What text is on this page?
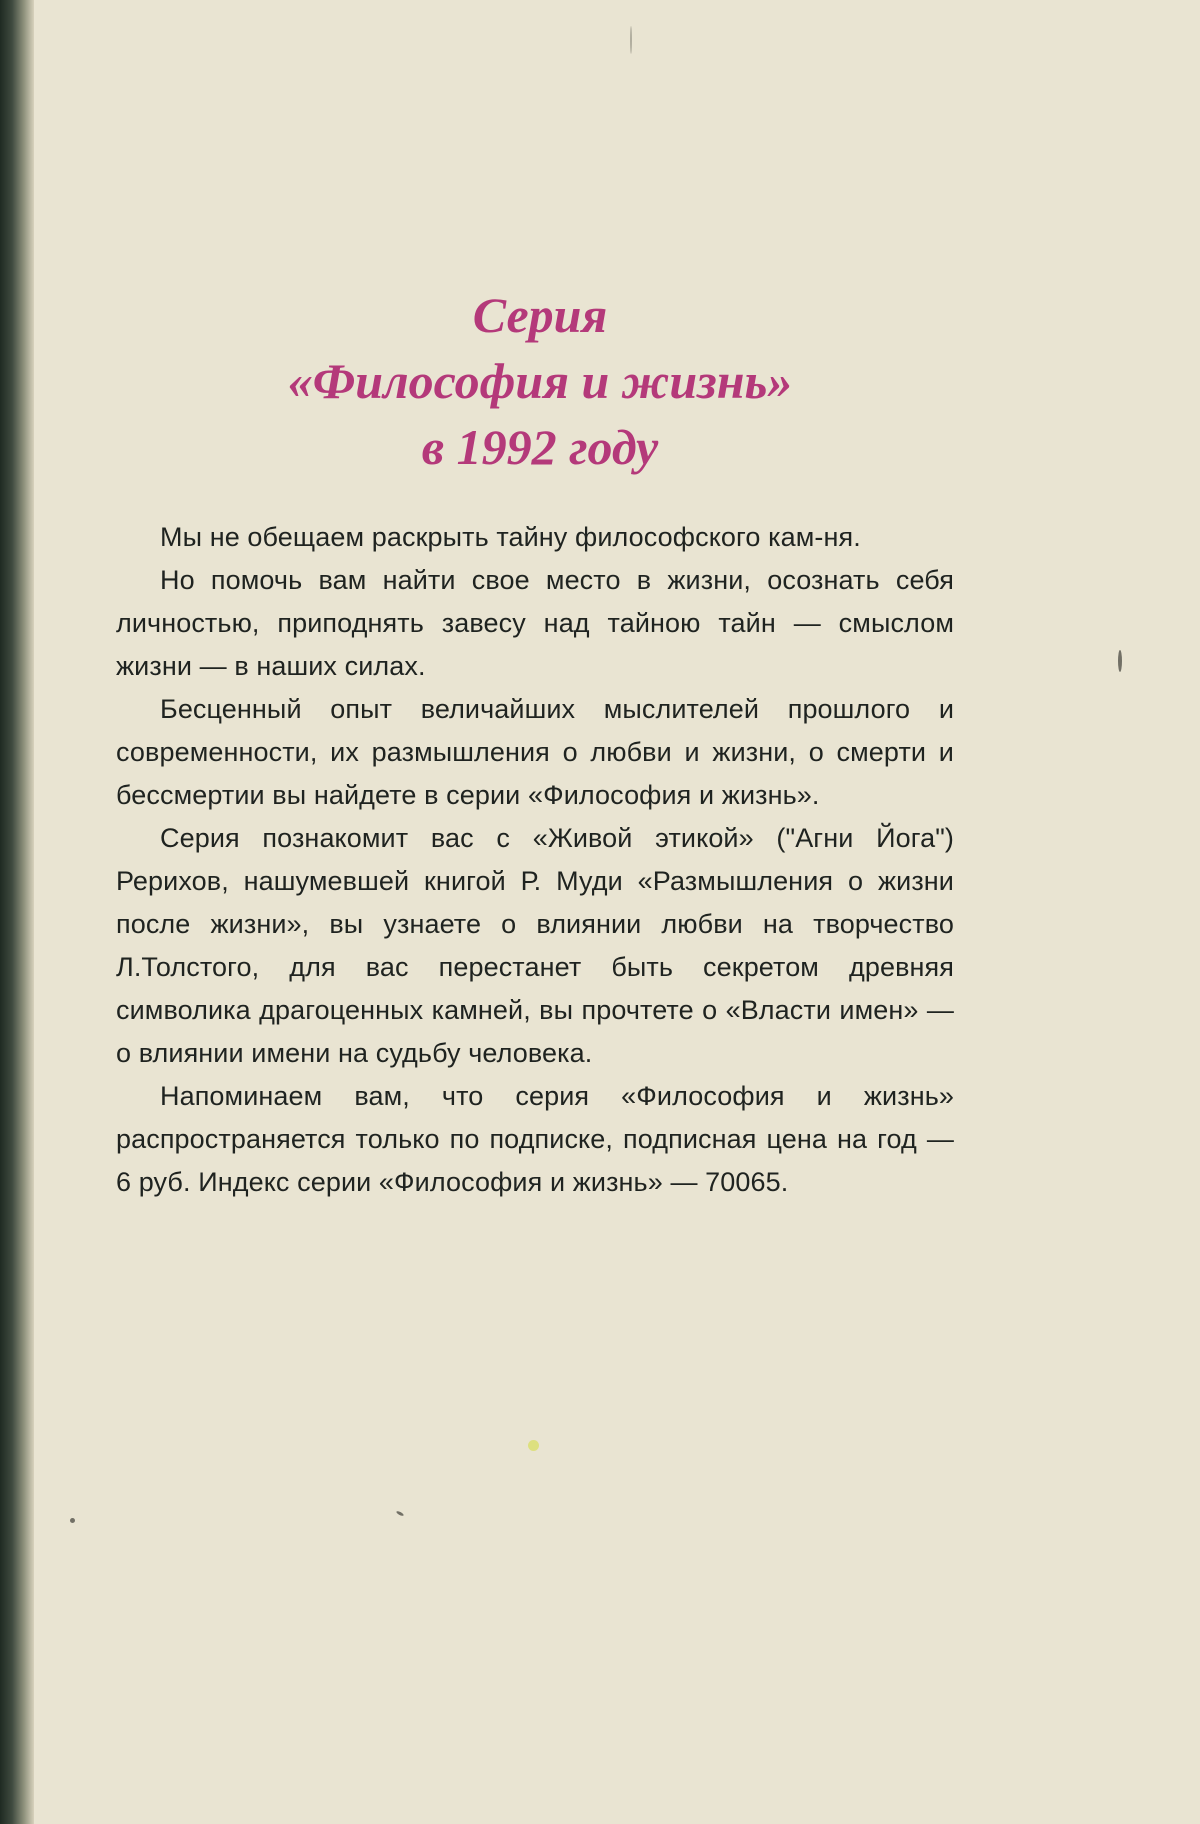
Серия
«Философия и жизнь»
в 1992 году

Мы не обещаем раскрыть тайну философского кам-ня.

Но помочь вам найти свое место в жизни, осознать себя личностью, приподнять завесу над тайною тайн — смыслом жизни — в наших силах.

Бесценный опыт величайших мыслителей прошлого и современности, их размышления о любви и жизни, о смерти и бессмертии вы найдете в серии «Философия и жизнь».

Серия познакомит вас с «Живой этикой» ("Агни Йога") Рерихов, нашумевшей книгой Р. Муди «Размышления о жизни после жизни», вы узнаете о влиянии любви на творчество Л.Толстого, для вас перестанет быть секретом древняя символика драгоценных камней, вы прочтете о «Власти имен» — о влиянии имени на судьбу человека.

Напоминаем вам, что серия «Философия и жизнь» распространяется только по подписке, подписная цена на год — 6 руб. Индекс серии «Философия и жизнь» — 70065.
